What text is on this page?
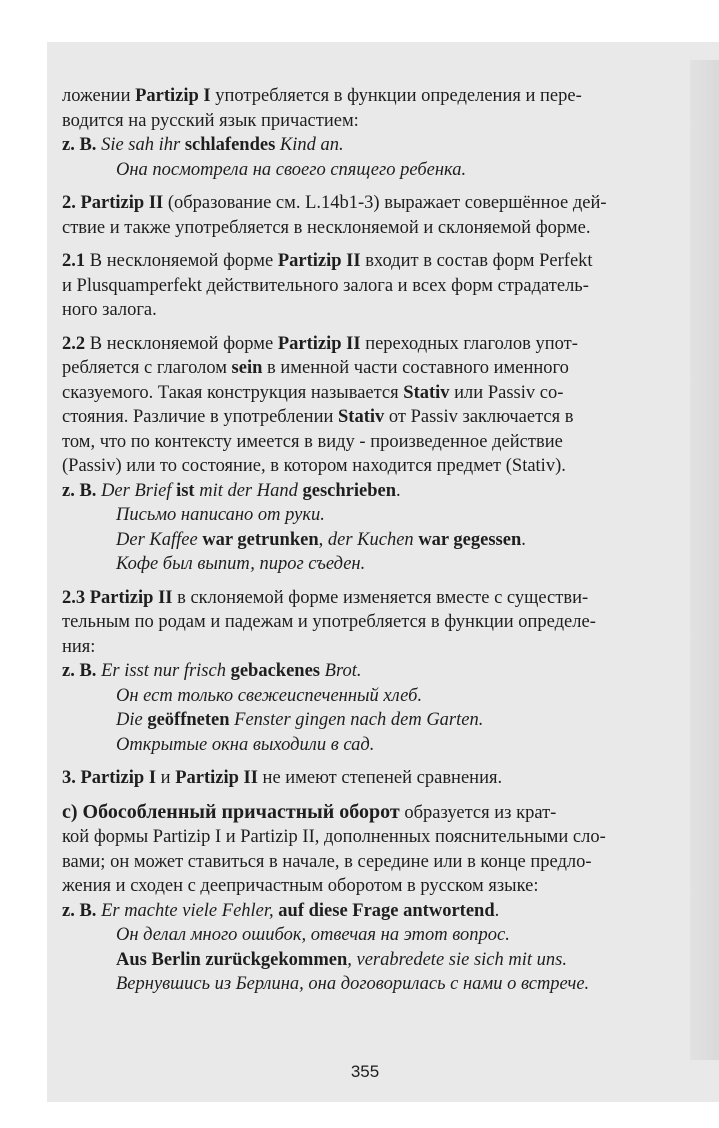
ложении Partizip I употребляется в функции определения и пере-

водится на русский язык причастием:

z. B. Sie sah ihr schlafendes Kind an.

Она посмотрела на своего спящего ребенка.

2. Partizip II (образование см. L.14b1-3) выражает совершённое дей-

ствие и также употребляется в несклоняемой и склоняемой форме.

2.1 В несклоняемой форме Partizip II входит в состав форм Perfekt

и Plusquamperfekt действительного залога и всех форм страдатель-

ного залога.

2.2 В несклоняемой форме Partizip II переходных глаголов упот-

ребляется с глаголом sein в именной части составного именного

сказуемого. Такая конструкция называется Stativ или Passiv со-

стояния. Различие в употреблении Stativ от Passiv заключается в

том, что по контексту имеется в виду - произведенное действие

(Passiv) или то состояние, в котором находится предмет (Stativ).

z. B. Der Brief ist mit der Hand geschrieben.

Письмо написано от руки.

Der Kaffee war getrunken, der Kuchen war gegessen.

Кофе был выпит, пирог съеден.

2.3 Partizip II в склоняемой форме изменяется вместе с существи-

тельным по родам и падежам и употребляется в функции определе-

ния:

z. B. Er isst nur frisch gebackenes Brot.

Он ест только свежеиспеченный хлеб.

Die geöffneten Fenster gingen nach dem Garten.

Открытые окна выходили в сад.

3. Partizip I и Partizip II не имеют степеней сравнения.

c) Обособленный причастный оборот образуется из крат-

кой формы Partizip I и Partizip II, дополненных пояснительными сло-

вами; он может ставиться в начале, в середине или в конце предло-

жения и сходен с деепричастным оборотом в русском языке:

z. B. Er machte viele Fehler, auf diese Frage antwortend.

Он делал много ошибок, отвечая на этот вопрос.

Aus Berlin zurückgekommen, verabredete sie sich mit uns.

Вернувшись из Берлина, она договорилась с нами о встрече.

355
